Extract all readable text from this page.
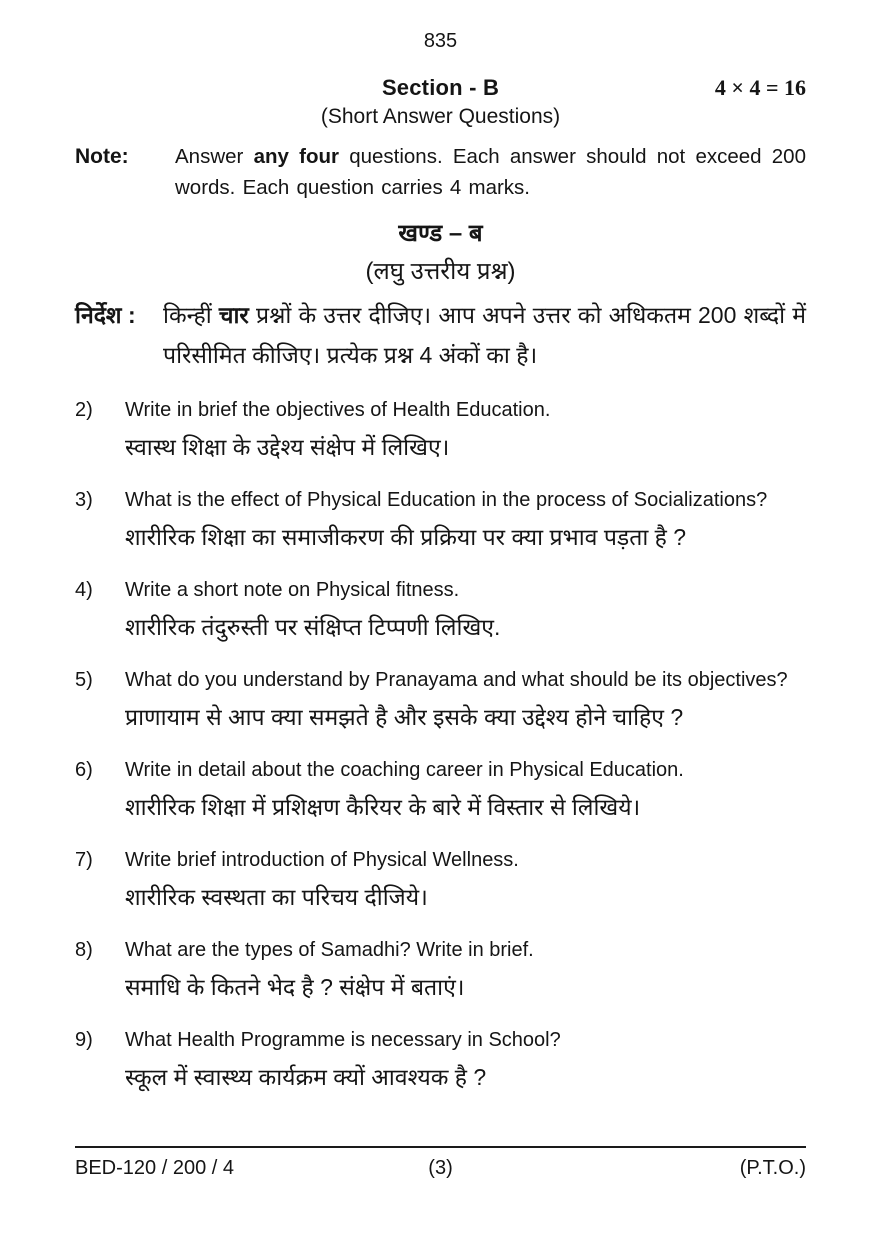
835
Section - B	4 × 4 = 16
(Short Answer Questions)
Note:	Answer any four questions. Each answer should not exceed 200 words. Each question carries 4 marks.
खण्ड – ब
(लघु उत्तरीय प्रश्न)
निर्देश :	किन्हीं चार प्रश्नों के उत्तर दीजिए। आप अपने उत्तर को अधिकतम 200 शब्दों में परिसीमित कीजिए। प्रत्येक प्रश्न 4 अंकों का है।
2)	Write in brief the objectives of Health Education.
स्वास्थ शिक्षा के उद्देश्य संक्षेप में लिखिए।
3)	What is the effect of Physical Education in the process of Socializations?
शारीरिक शिक्षा का समाजीकरण की प्रक्रिया पर क्या प्रभाव पड़ता है ?
4)	Write a short note on Physical fitness.
शारीरिक तंदुरुस्ती पर संक्षिप्त टिप्पणी लिखिए.
5)	What do you understand by Pranayama and what should be its objectives?
प्राणायाम से आप क्या समझते है और इसके क्या उद्देश्य होने चाहिए ?
6)	Write in detail about the coaching career in Physical Education.
शारीरिक शिक्षा में प्रशिक्षण कैरियर के बारे में विस्तार से लिखिये।
7)	Write brief introduction of Physical Wellness.
शारीरिक स्वस्थता का परिचय दीजिये।
8)	What are the types of Samadhi? Write in brief.
समाधि के कितने भेद है ? संक्षेप में बताएं।
9)	What Health Programme is necessary in School?
स्कूल में स्वास्थ्य कार्यक्रम क्यों आवश्यक है ?
BED-120 / 200 / 4	(3)	(P.T.O.)
